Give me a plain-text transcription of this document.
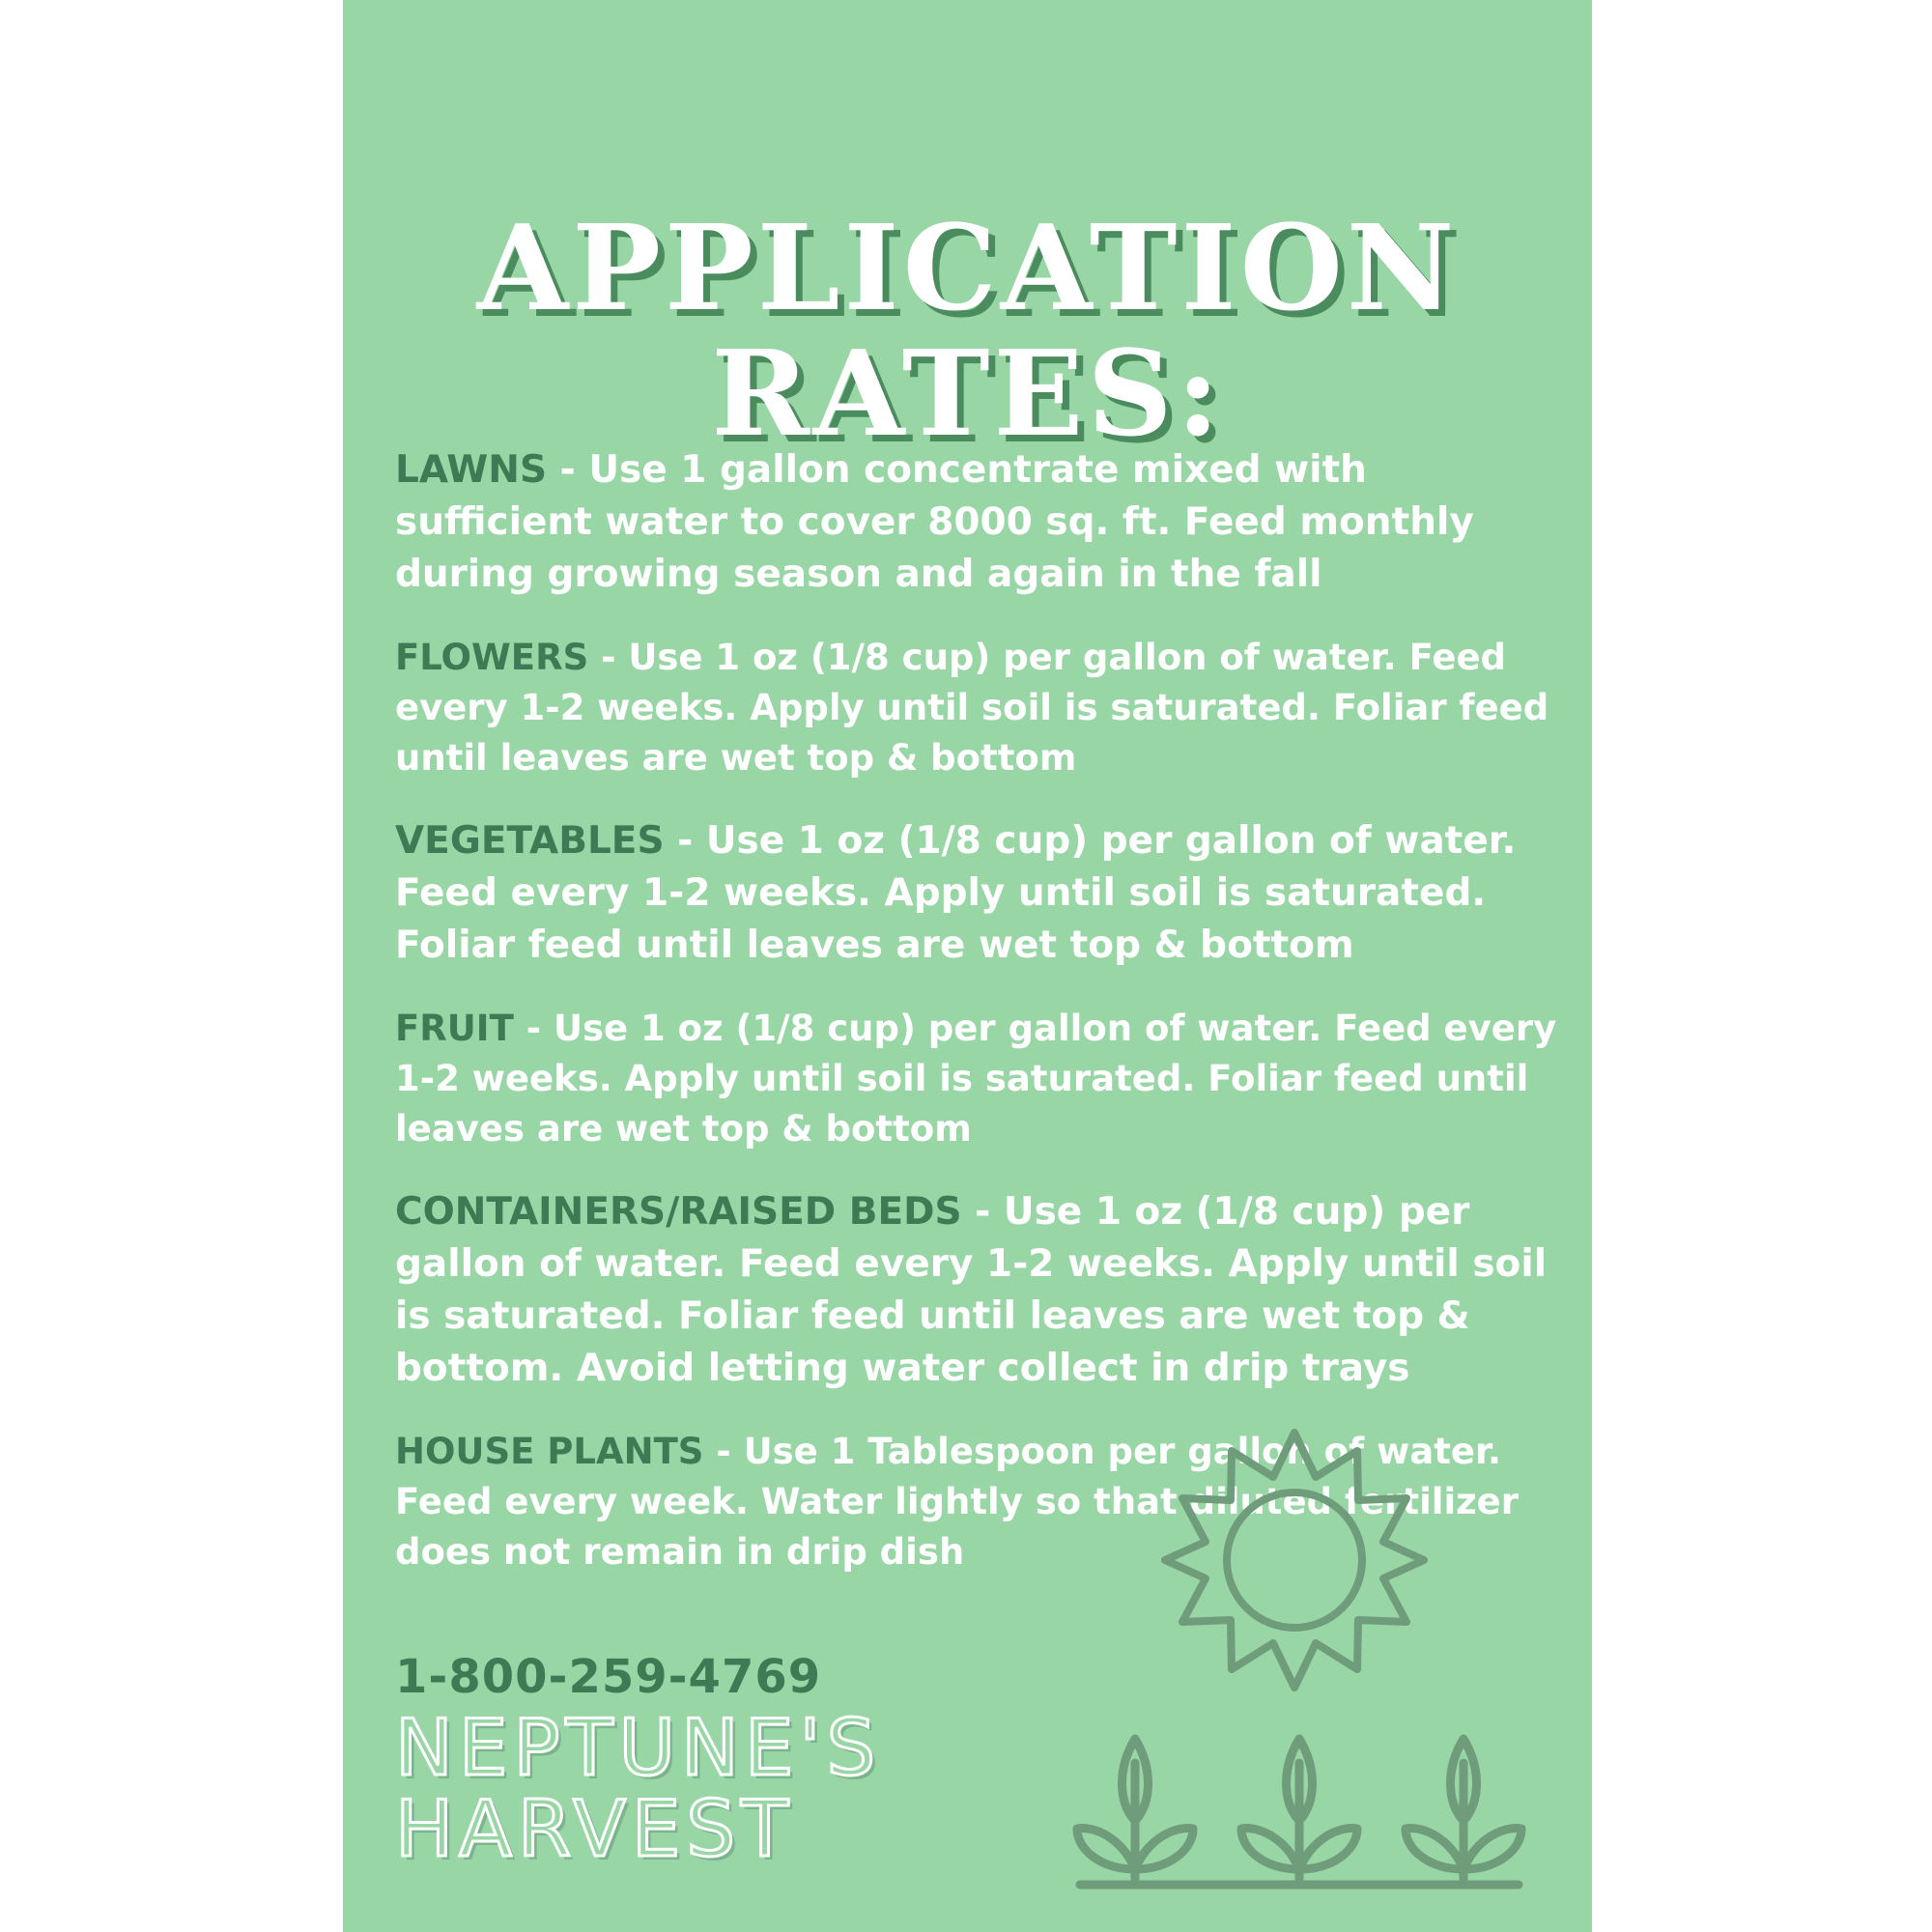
APPLICATION
RATES:

LAWNS - Use 1 gallon concentrate mixed with sufficient water to cover 8000 sq. ft. Feed monthly during growing season and again in the fall

FLOWERS - Use 1 oz (1/8 cup) per gallon of water. Feed every 1-2 weeks. Apply until soil is saturated. Foliar feed until leaves are wet top & bottom

VEGETABLES - Use 1 oz (1/8 cup) per gallon of water. Feed every 1-2 weeks. Apply until soil is saturated. Foliar feed until leaves are wet top & bottom

FRUIT - Use 1 oz (1/8 cup) per gallon of water. Feed every 1-2 weeks. Apply until soil is saturated. Foliar feed until leaves are wet top & bottom

CONTAINERS/RAISED BEDS - Use 1 oz (1/8 cup) per gallon of water. Feed every 1-2 weeks. Apply until soil is saturated. Foliar feed until leaves are wet top & bottom. Avoid letting water collect in drip trays

HOUSE PLANTS - Use 1 Tablespoon per gallon of water. Feed every week. Water lightly so that diluted fertilizer does not remain in drip dish

1-800-259-4769
NEPTUNE'S
HARVEST
